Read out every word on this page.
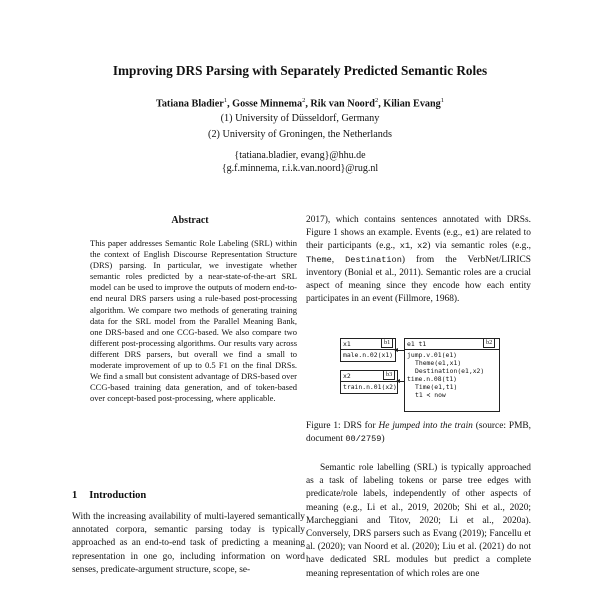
Improving DRS Parsing with Separately Predicted Semantic Roles
Tatiana Bladier$^1$, Gosse Minnema$^2$, Rik van Noord$^2$, Kilian Evang$^1$
(1) University of Düsseldorf, Germany
(2) University of Groningen, the Netherlands
{tatiana.bladier, evang}@hhu.de
{g.f.minnema, r.i.k.van.noord}@rug.nl
Abstract
This paper addresses Semantic Role Labeling (SRL) within the context of English Discourse Representation Structure (DRS) parsing. In particular, we investigate whether semantic roles predicted by a near-state-of-the-art SRL model can be used to improve the outputs of modern end-to-end neural DRS parsers using a rule-based post-processing algorithm. We compare two methods of generating training data for the SRL model from the Parallel Meaning Bank, one DRS-based and one CCG-based. We also compare two different post-processing algorithms. Our results vary across different DRS parsers, but overall we find a small to moderate improvement of up to 0.5 F1 on the final DRSs. We find a small but consistent advantage of DRS-based over CCG-based training data generation, and of token-based over concept-based post-processing, where applicable.
1 Introduction
With the increasing availability of multi-layered semantically annotated corpora, semantic parsing today is typically approached as an end-to-end task of predicting a meaning representation in one go, including information on word senses, predicate-argument structure, scope, se-
2017), which contains sentences annotated with DRSs. Figure 1 shows an example. Events (e.g., e1) are related to their participants (e.g., x1, x2) via semantic roles (e.g., Theme, Destination) from the VerbNet/LIRICS inventory (Bonial et al., 2011). Semantic roles are a crucial aspect of meaning since they encode how each entity participates in an event (Fillmore, 1968).
x1
male.n.02(x1)
b1
x2
train.n.01(x2)
b3
e1 t1
jump.v.01(e1)
Theme(e1,x1)
Destination(e1,x2)
time.n.08(t1)
Time(e1,t1)
t1 ≺ now
b2
Figure 1: DRS for He jumped into the train (source: PMB, document 00/2759)
Semantic role labelling (SRL) is typically approached as a task of labeling tokens or parse tree edges with predicate/role labels, independently of other aspects of meaning (e.g., Li et al., 2019, 2020b; Shi et al., 2020; Marcheggiani and Titov, 2020; Li et al., 2020a). Conversely, DRS parsers such as Evang (2019); Fancellu et al. (2020); van Noord et al. (2020); Liu et al. (2021) do not have dedicated SRL modules but predict a complete meaning representation of which roles are one
